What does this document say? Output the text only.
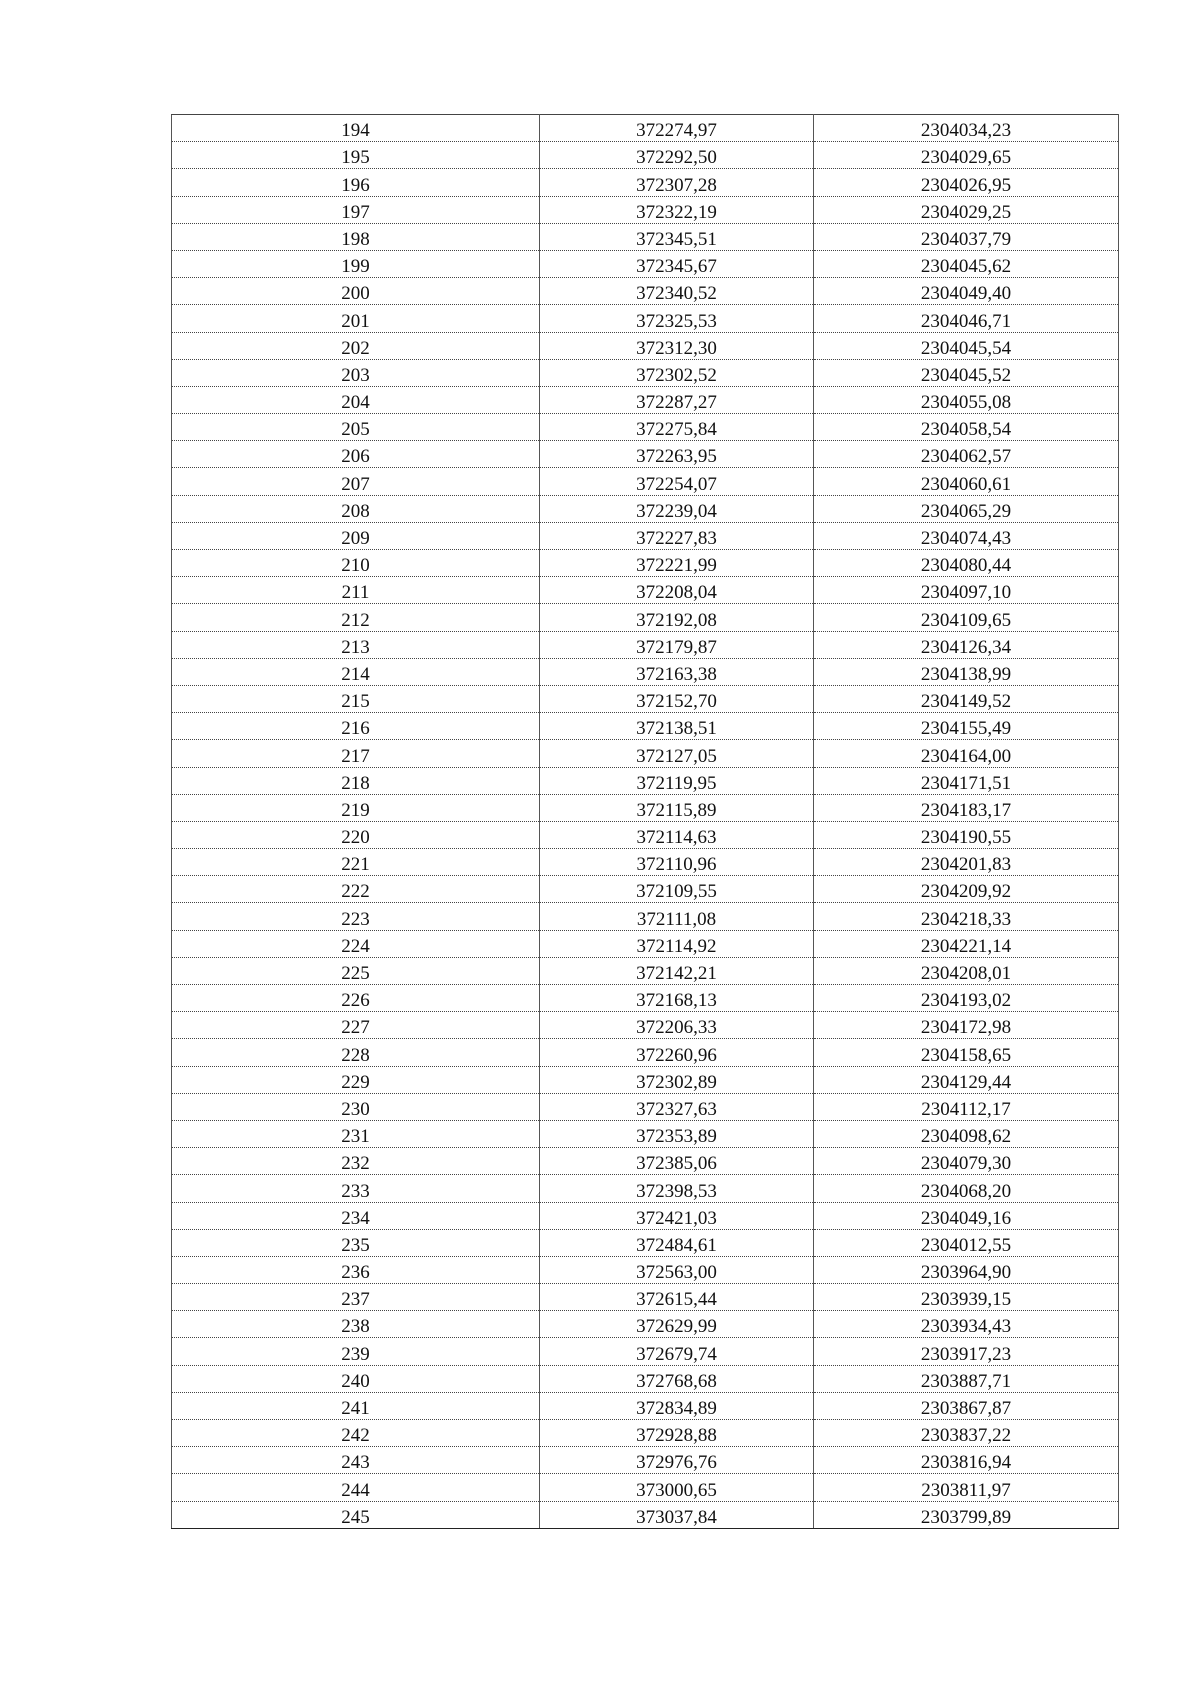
194	372274,97	2304034,23
195	372292,50	2304029,65
196	372307,28	2304026,95
197	372322,19	2304029,25
198	372345,51	2304037,79
199	372345,67	2304045,62
200	372340,52	2304049,40
201	372325,53	2304046,71
202	372312,30	2304045,54
203	372302,52	2304045,52
204	372287,27	2304055,08
205	372275,84	2304058,54
206	372263,95	2304062,57
207	372254,07	2304060,61
208	372239,04	2304065,29
209	372227,83	2304074,43
210	372221,99	2304080,44
211	372208,04	2304097,10
212	372192,08	2304109,65
213	372179,87	2304126,34
214	372163,38	2304138,99
215	372152,70	2304149,52
216	372138,51	2304155,49
217	372127,05	2304164,00
218	372119,95	2304171,51
219	372115,89	2304183,17
220	372114,63	2304190,55
221	372110,96	2304201,83
222	372109,55	2304209,92
223	372111,08	2304218,33
224	372114,92	2304221,14
225	372142,21	2304208,01
226	372168,13	2304193,02
227	372206,33	2304172,98
228	372260,96	2304158,65
229	372302,89	2304129,44
230	372327,63	2304112,17
231	372353,89	2304098,62
232	372385,06	2304079,30
233	372398,53	2304068,20
234	372421,03	2304049,16
235	372484,61	2304012,55
236	372563,00	2303964,90
237	372615,44	2303939,15
238	372629,99	2303934,43
239	372679,74	2303917,23
240	372768,68	2303887,71
241	372834,89	2303867,87
242	372928,88	2303837,22
243	372976,76	2303816,94
244	373000,65	2303811,97
245	373037,84	2303799,89
